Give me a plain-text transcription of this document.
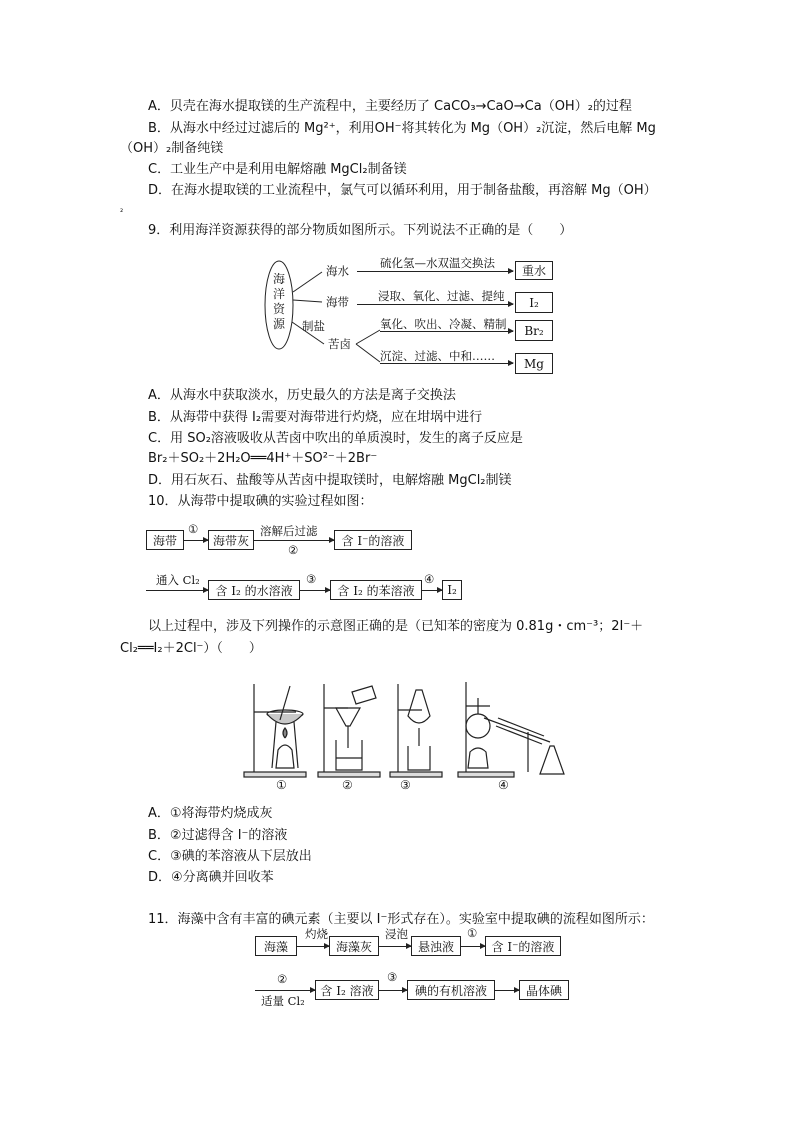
A．贝壳在海水提取镁的生产流程中，主要经历了 CaCO₃→CaO→Ca（OH）₂的过程
B．从海水中经过过滤后的 Mg²⁺，利用OH⁻将其转化为 Mg（OH）₂沉淀，然后电解 Mg
（OH）₂制备纯镁
C．工业生产中是利用电解熔融 MgCl₂制备镁
D．在海水提取镁的工业流程中，氯气可以循环利用，用于制备盐酸，再溶解 Mg（OH）
₂
9．利用海洋资源获得的部分物质如图所示。下列说法不正确的是（　　）
海洋资源
海水
海带
制盐
苦卤
硫化氢—水双温交换法
重水
浸取、氧化、过滤、提纯	I₂
氧化、吹出、冷凝、精制	Br₂
沉淀、过滤、中和……
Mg
A．从海水中获取淡水，历史最久的方法是离子交换法
B．从海带中获得 I₂需要对海带进行灼烧，应在坩埚中进行
C．用 SO₂溶液吸收从苦卤中吹出的单质溴时，发生的离子反应是
Br₂＋SO₂＋2H₂O══4H⁺＋SO²⁻＋2Br⁻
D．用石灰石、盐酸等从苦卤中提取镁时，电解熔融 MgCl₂制镁
10．从海带中提取碘的实验过程如图：
海带
①
海带灰
溶解后过滤
②
含 I⁻的溶液
通入 Cl₂
含 I₂ 的水溶液
③
含 I₂ 的苯溶液
④
I₂
以上过程中，涉及下列操作的示意图正确的是（已知苯的密度为 0.81g・cm⁻³；2I⁻＋
Cl₂══I₂＋2Cl⁻）（　　）
①	②	③	④
A．①将海带灼烧成灰
B．②过滤得含 I⁻的溶液
C．③碘的苯溶液从下层放出
D．④分离碘并回收苯
11．海藻中含有丰富的碘元素（主要以 I⁻形式存在）。实验室中提取碘的流程如图所示：
海藻
灼烧
海藻灰
浸泡
悬浊液
①
含 I⁻的溶液
②
适量 Cl₂
含 I₂ 溶液
③
碘的有机溶液	晶体碘
